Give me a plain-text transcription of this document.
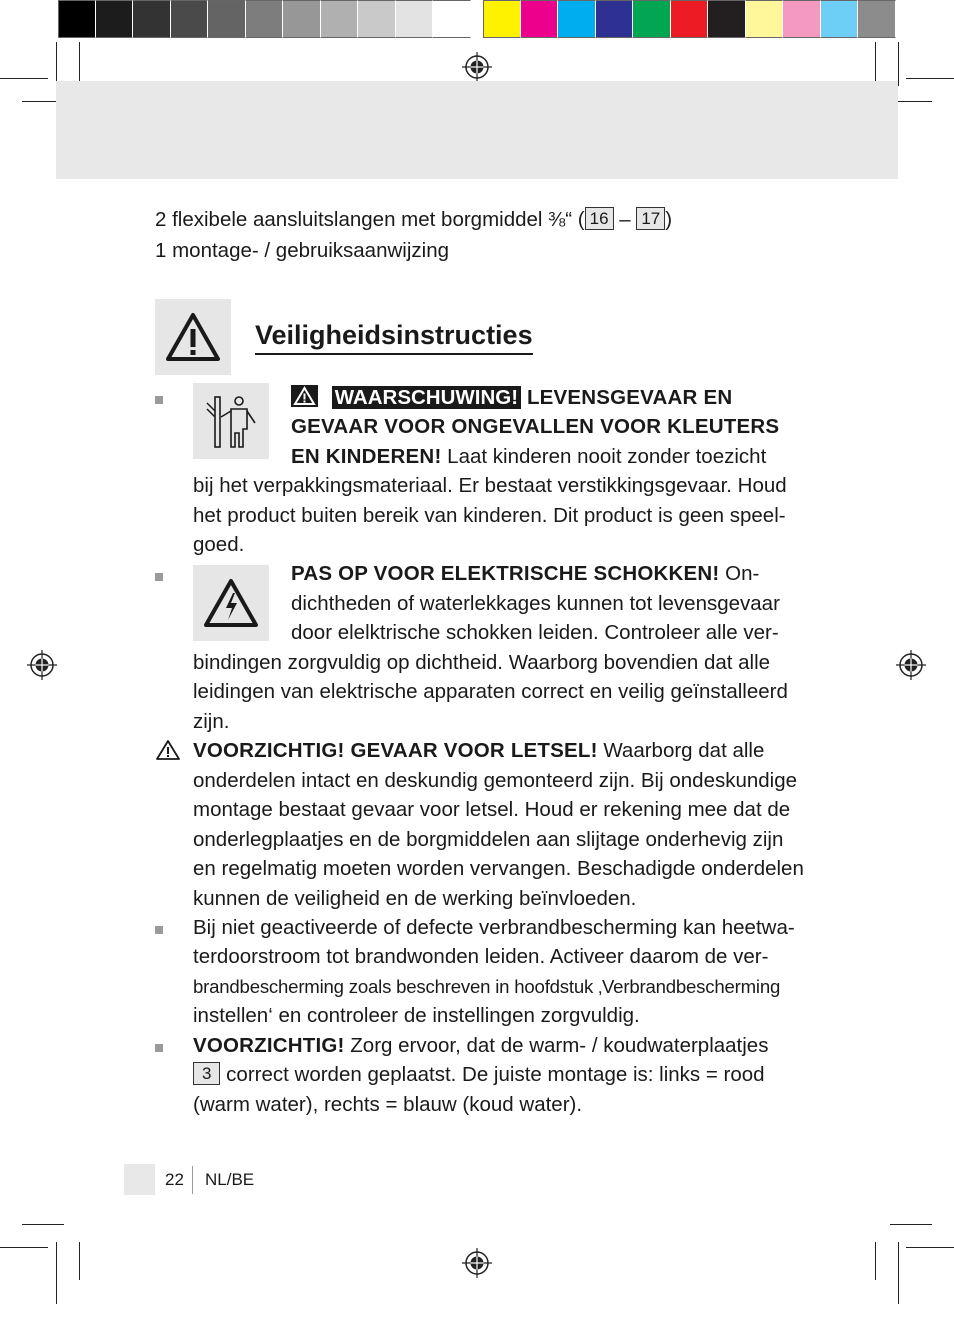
2 flexibele aansluitslangen met borgmiddel ⅜“ ( 16 – 17 )
1 montage- / gebruiksaanwijzing
Veiligheidsinstructies
WAARSCHUWING! LEVENSGEVAAR EN
GEVAAR VOOR ONGEVALLEN VOOR KLEUTERS
EN KINDEREN! Laat kinderen nooit zonder toezicht
bij het verpakkingsmateriaal. Er bestaat verstikkingsgevaar. Houd
het product buiten bereik van kinderen. Dit product is geen speel-
goed.
PAS OP VOOR ELEKTRISCHE SCHOKKEN! On-
dichtheden of waterlekkages kunnen tot levensgevaar
door elelktrische schokken leiden. Controleer alle ver-
bindingen zorgvuldig op dichtheid. Waarborg bovendien dat alle
leidingen van elektrische apparaten correct en veilig geïnstalleerd
zijn.
VOORZICHTIG! GEVAAR VOOR LETSEL! Waarborg dat alle
onderdelen intact en deskundig gemonteerd zijn. Bij ondeskundige
montage bestaat gevaar voor letsel. Houd er rekening mee dat de
onderlegplaatjes en de borgmiddelen aan slijtage onderhevig zijn
en regelmatig moeten worden vervangen. Beschadigde onderdelen
kunnen de veiligheid en de werking beïnvloeden.
Bij niet geactiveerde of defecte verbrandbescherming kan heetwa-
terdoorstroom tot brandwonden leiden. Activeer daarom de ver-
brandbescherming zoals beschreven in hoofdstuk ‚Verbrandbescherming
instellen‘ en controleer de instellingen zorgvuldig.
VOORZICHTIG! Zorg ervoor, dat de warm- / koudwaterplaatjes
3 correct worden geplaatst. De juiste montage is: links = rood
(warm water), rechts = blauw (koud water).
22 NL/BE
